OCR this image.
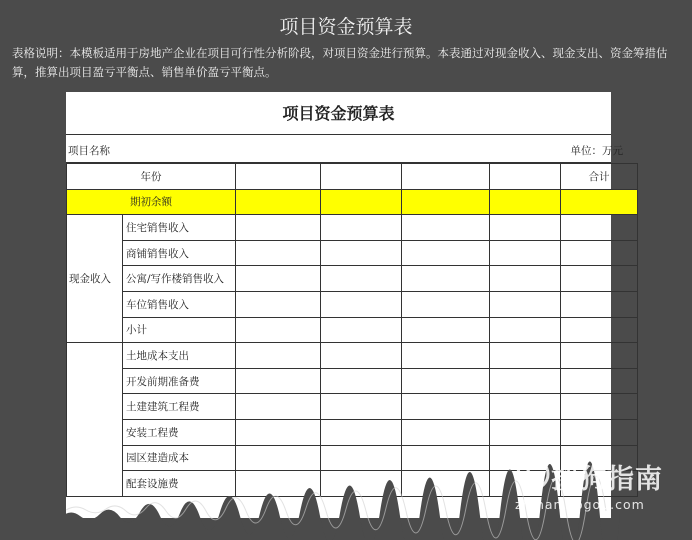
项目资金预算表
表格说明：本模板适用于房地产企业在项目可行性分析阶段，对项目资金进行预算。本表通过对现金收入、现金支出、资金筹措估算，推算出项目盈亏平衡点、销售单价盈亏平衡点。
项目资金预算表
项目名称	单位：万元
年份						合计
期初余额						
现金收入	住宅销售收入					
	商铺销售收入					
	公寓/写作楼销售收入					
	车位销售收入					
	小计					
	土地成本支出					
	开发前期准备费					
	土建建筑工程费					
	安装工程费					
	园区建造成本					
	配套设施费						搜狗指南
zhinan.sogou.com
